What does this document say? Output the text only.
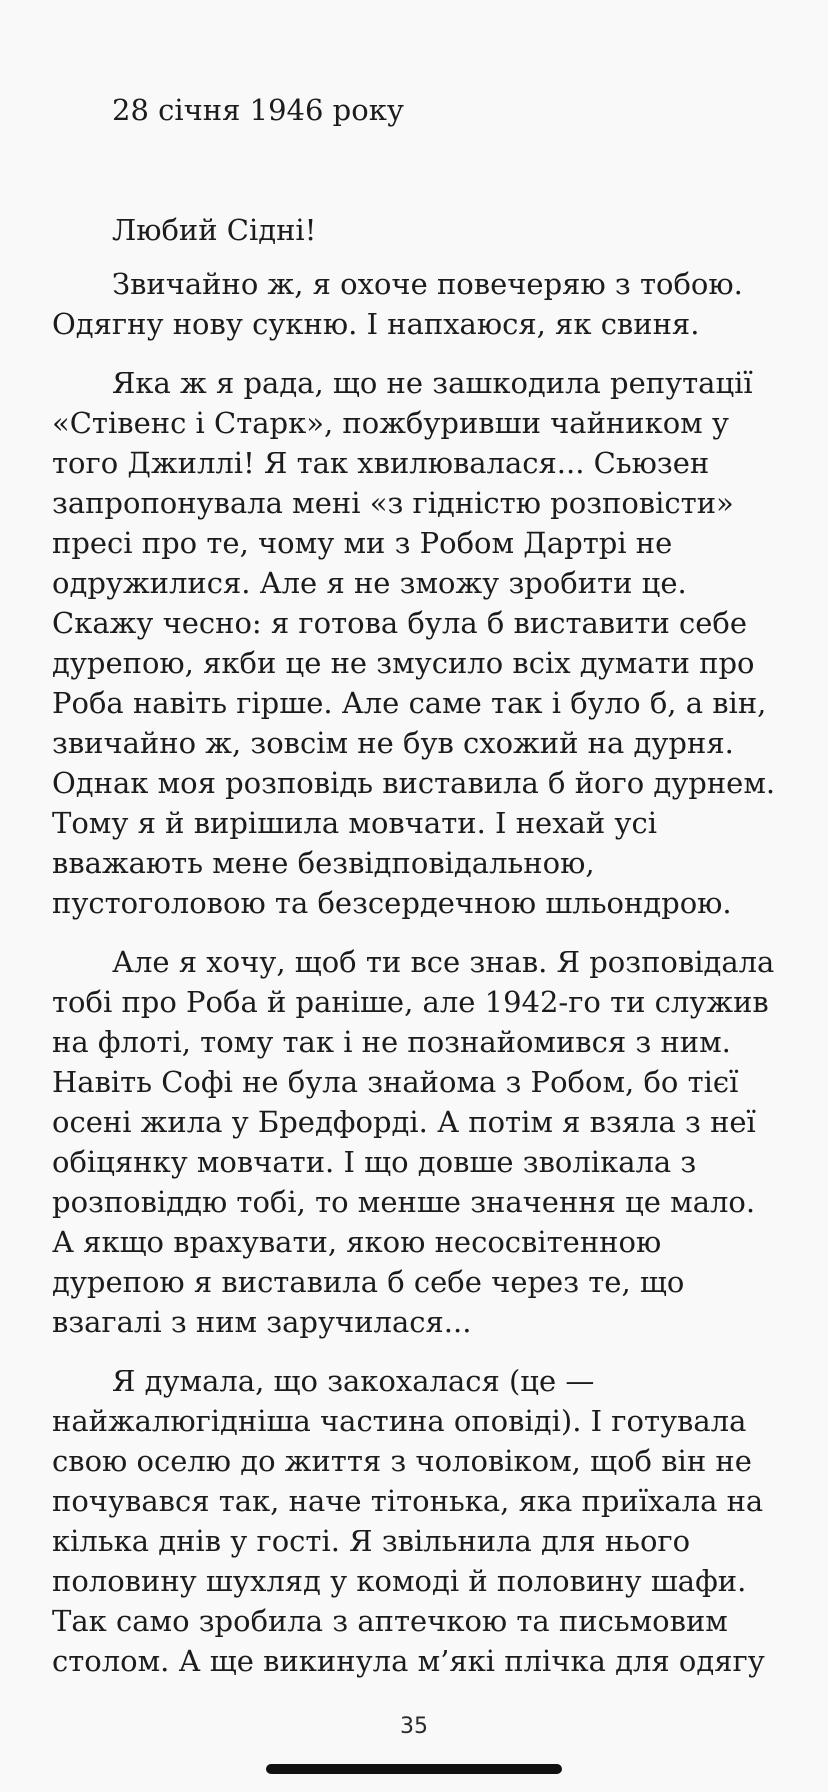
28 січня 1946 року

Любий Сідні!

Звичайно ж, я охоче повечеряю з тобою. Одягну нову сукню. І напхаюся, як свиня.

Яка ж я рада, що не зашкодила репутації «Стівенс і Старк», пожбуривши чайником у того Джиллі! Я так хвилювалася... Сьюзен запропонувала мені «з гідністю розповісти» пресі про те, чому ми з Робом Дартрі не одружилися. Але я не зможу зробити це. Скажу чесно: я готова була б виставити себе дурепою, якби це не змусило всіх думати про Роба навіть гірше. Але саме так і було б, а він, звичайно ж, зовсім не був схожий на дурня. Однак моя розповідь виставила б його дурнем. Тому я й вирішила мовчати. І нехай усі вважають мене безвідповідальною, пустоголовою та безсердечною шльондрою.

Але я хочу, щоб ти все знав. Я розповідала тобі про Роба й раніше, але 1942-го ти служив на флоті, тому так і не познайомився з ним. Навіть Софі не була знайома з Робом, бо тієї осені жила у Бредфорді. А потім я взяла з неї обіцянку мовчати. І що довше зволікала з розповіддю тобі, то менше значення це мало. А якщо врахувати, якою несосвітенною дурепою я виставила б себе через те, що взагалі з ним заручилася...

Я думала, що закохалася (це — найжалюгідніша частина оповіді). І готувала свою оселю до життя з чоловіком, щоб він не почувався так, наче тітонька, яка приїхала на кілька днів у гості. Я звільнила для нього половину шухляд у комоді й половину шафи. Так само зробила з аптечкою та письмовим столом. А ще викинула м’які плічка для одягу

35
